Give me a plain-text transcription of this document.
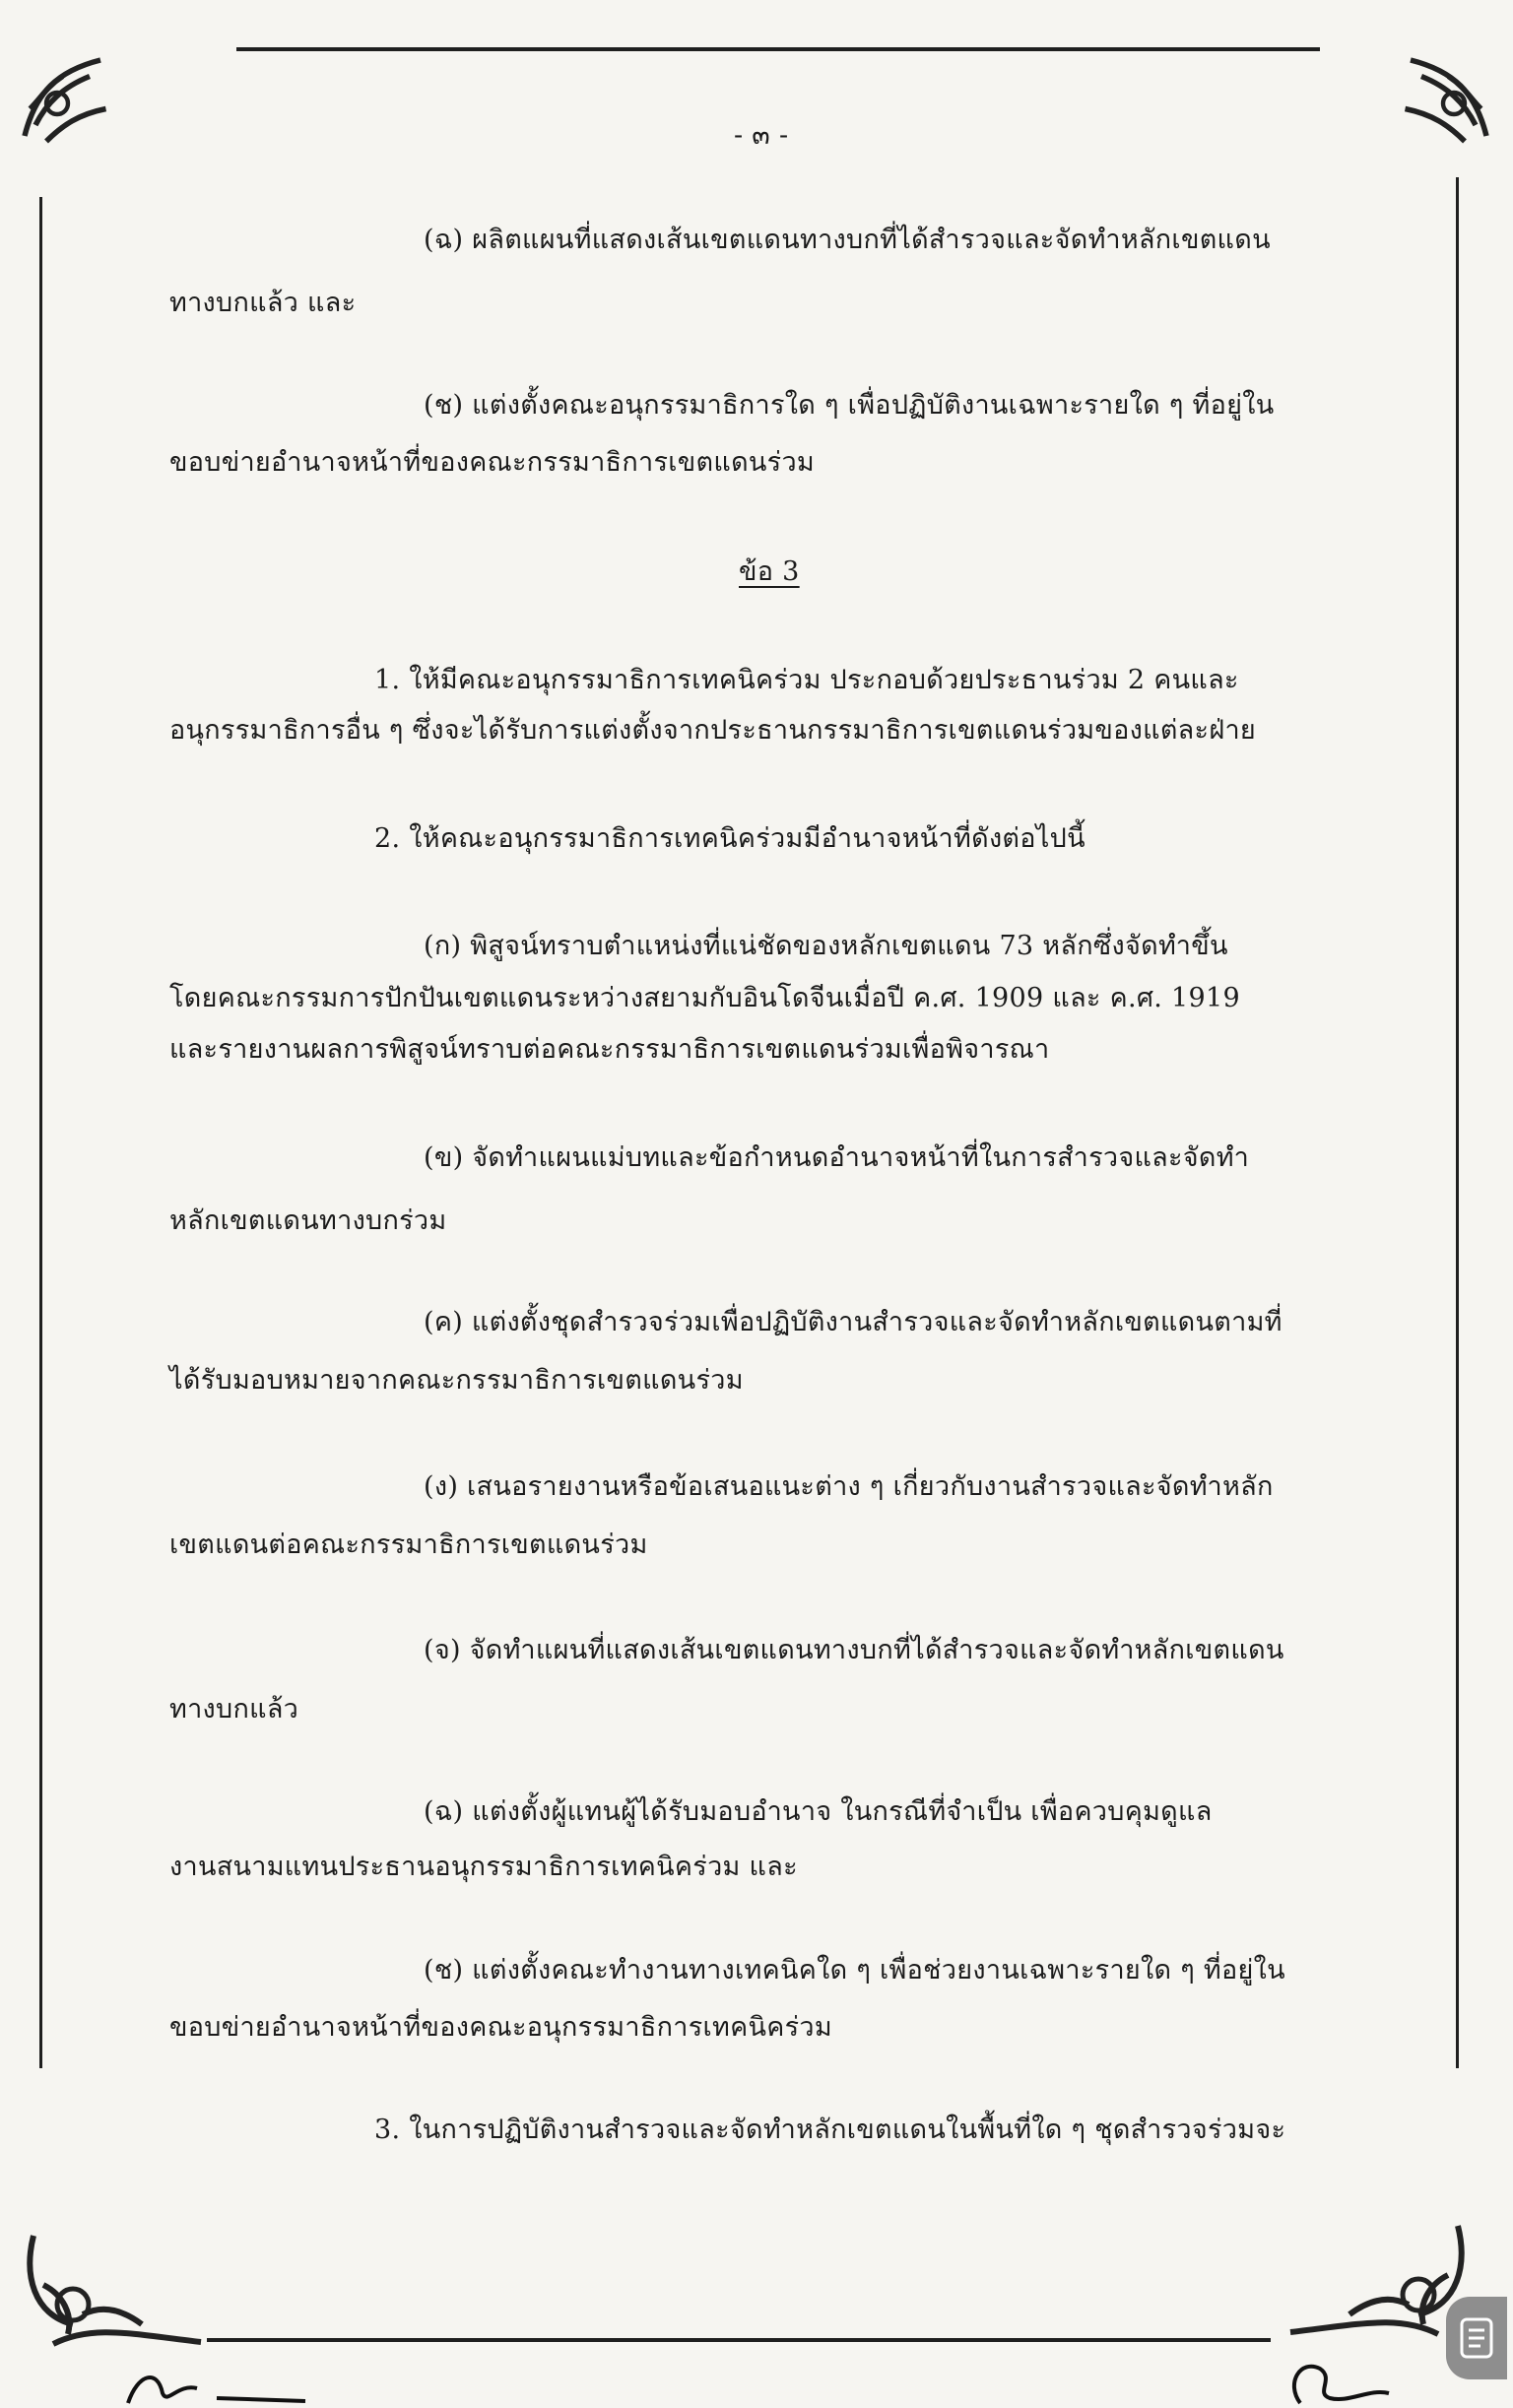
- ๓ -
(ฉ) ผลิตแผนที่แสดงเส้นเขตแดนทางบกที่ได้สำรวจและจัดทำหลักเขตแดน
ทางบกแล้ว และ
(ช) แต่งตั้งคณะอนุกรรมาธิการใด ๆ เพื่อปฏิบัติงานเฉพาะรายใด ๆ ที่อยู่ใน
ขอบข่ายอำนาจหน้าที่ของคณะกรรมาธิการเขตแดนร่วม
ข้อ 3
1. ให้มีคณะอนุกรรมาธิการเทคนิคร่วม ประกอบด้วยประธานร่วม 2 คนและ
อนุกรรมาธิการอื่น ๆ ซึ่งจะได้รับการแต่งตั้งจากประธานกรรมาธิการเขตแดนร่วมของแต่ละฝ่าย
2. ให้คณะอนุกรรมาธิการเทคนิคร่วมมีอำนาจหน้าที่ดังต่อไปนี้
(ก) พิสูจน์ทราบตำแหน่งที่แน่ชัดของหลักเขตแดน 73 หลักซึ่งจัดทำขึ้น
โดยคณะกรรมการปักปันเขตแดนระหว่างสยามกับอินโดจีนเมื่อปี ค.ศ. 1909 และ ค.ศ. 1919
และรายงานผลการพิสูจน์ทราบต่อคณะกรรมาธิการเขตแดนร่วมเพื่อพิจารณา
(ข) จัดทำแผนแม่บทและข้อกำหนดอำนาจหน้าที่ในการสำรวจและจัดทำ
หลักเขตแดนทางบกร่วม
(ค) แต่งตั้งชุดสำรวจร่วมเพื่อปฏิบัติงานสำรวจและจัดทำหลักเขตแดนตามที่
ได้รับมอบหมายจากคณะกรรมาธิการเขตแดนร่วม
(ง) เสนอรายงานหรือข้อเสนอแนะต่าง ๆ เกี่ยวกับงานสำรวจและจัดทำหลัก
เขตแดนต่อคณะกรรมาธิการเขตแดนร่วม
(จ) จัดทำแผนที่แสดงเส้นเขตแดนทางบกที่ได้สำรวจและจัดทำหลักเขตแดน
ทางบกแล้ว
(ฉ) แต่งตั้งผู้แทนผู้ได้รับมอบอำนาจ ในกรณีที่จำเป็น เพื่อควบคุมดูแล
งานสนามแทนประธานอนุกรรมาธิการเทคนิคร่วม และ
(ช) แต่งตั้งคณะทำงานทางเทคนิคใด ๆ เพื่อช่วยงานเฉพาะรายใด ๆ ที่อยู่ใน
ขอบข่ายอำนาจหน้าที่ของคณะอนุกรรมาธิการเทคนิคร่วม
3. ในการปฏิบัติงานสำรวจและจัดทำหลักเขตแดนในพื้นที่ใด ๆ ชุดสำรวจร่วมจะ
